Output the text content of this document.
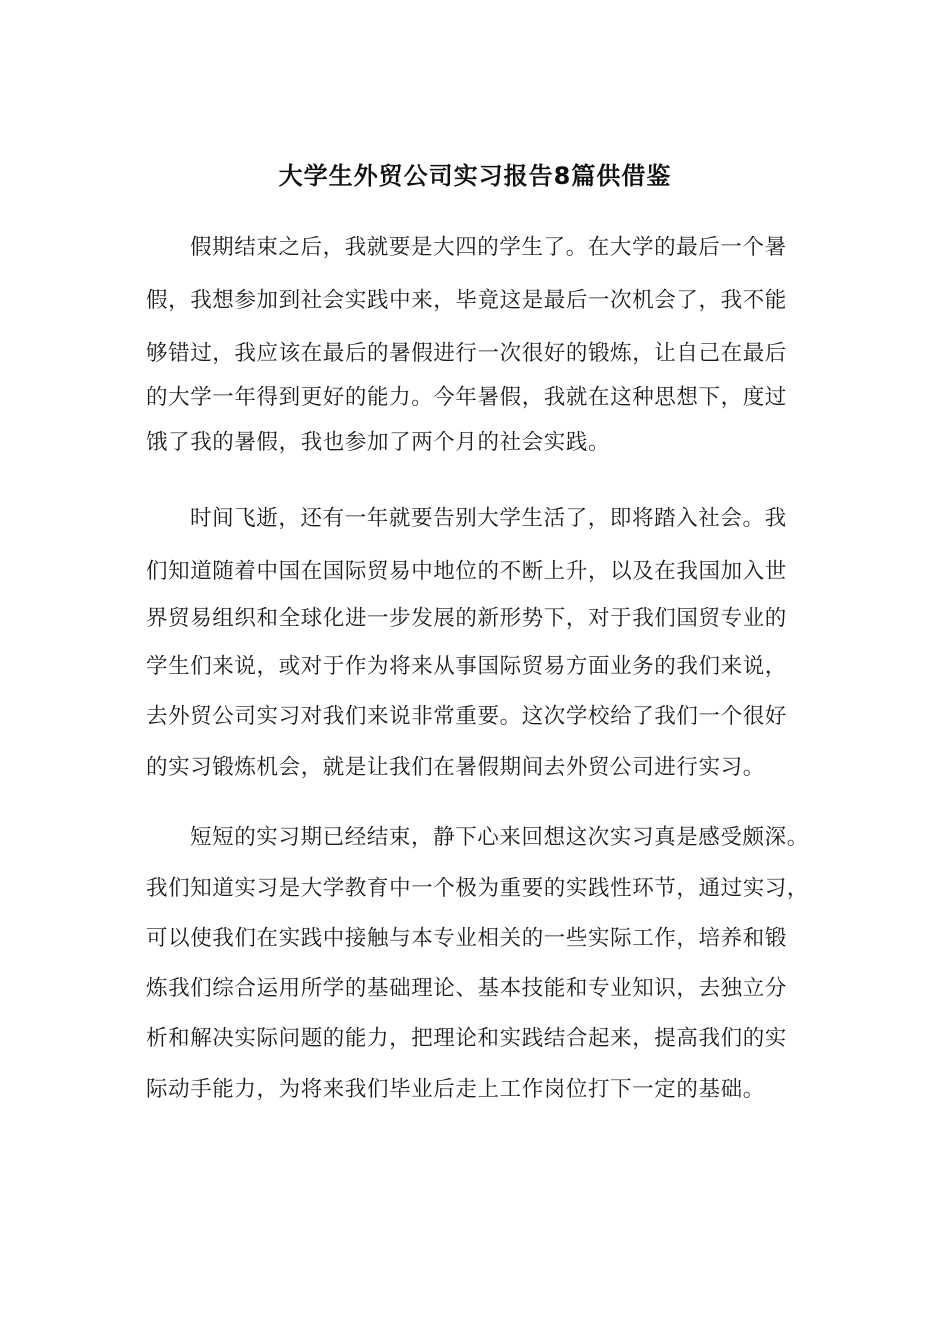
大学生外贸公司实习报告8篇供借鉴

假期结束之后，我就要是大四的学生了。在大学的最后一个暑

假，我想参加到社会实践中来，毕竟这是最后一次机会了，我不能

够错过，我应该在最后的暑假进行一次很好的锻炼，让自己在最后

的大学一年得到更好的能力。今年暑假，我就在这种思想下，度过

饿了我的暑假，我也参加了两个月的社会实践。

时间飞逝，还有一年就要告别大学生活了，即将踏入社会。我

们知道随着中国在国际贸易中地位的不断上升，以及在我国加入世

界贸易组织和全球化进一步发展的新形势下，对于我们国贸专业的

学生们来说，或对于作为将来从事国际贸易方面业务的我们来说，

去外贸公司实习对我们来说非常重要。这次学校给了我们一个很好

的实习锻炼机会，就是让我们在暑假期间去外贸公司进行实习。

短短的实习期已经结束，静下心来回想这次实习真是感受颇深。

我们知道实习是大学教育中一个极为重要的实践性环节，通过实习，

可以使我们在实践中接触与本专业相关的一些实际工作，培养和锻

炼我们综合运用所学的基础理论、基本技能和专业知识，去独立分

析和解决实际问题的能力，把理论和实践结合起来，提高我们的实

际动手能力，为将来我们毕业后走上工作岗位打下一定的基础。
